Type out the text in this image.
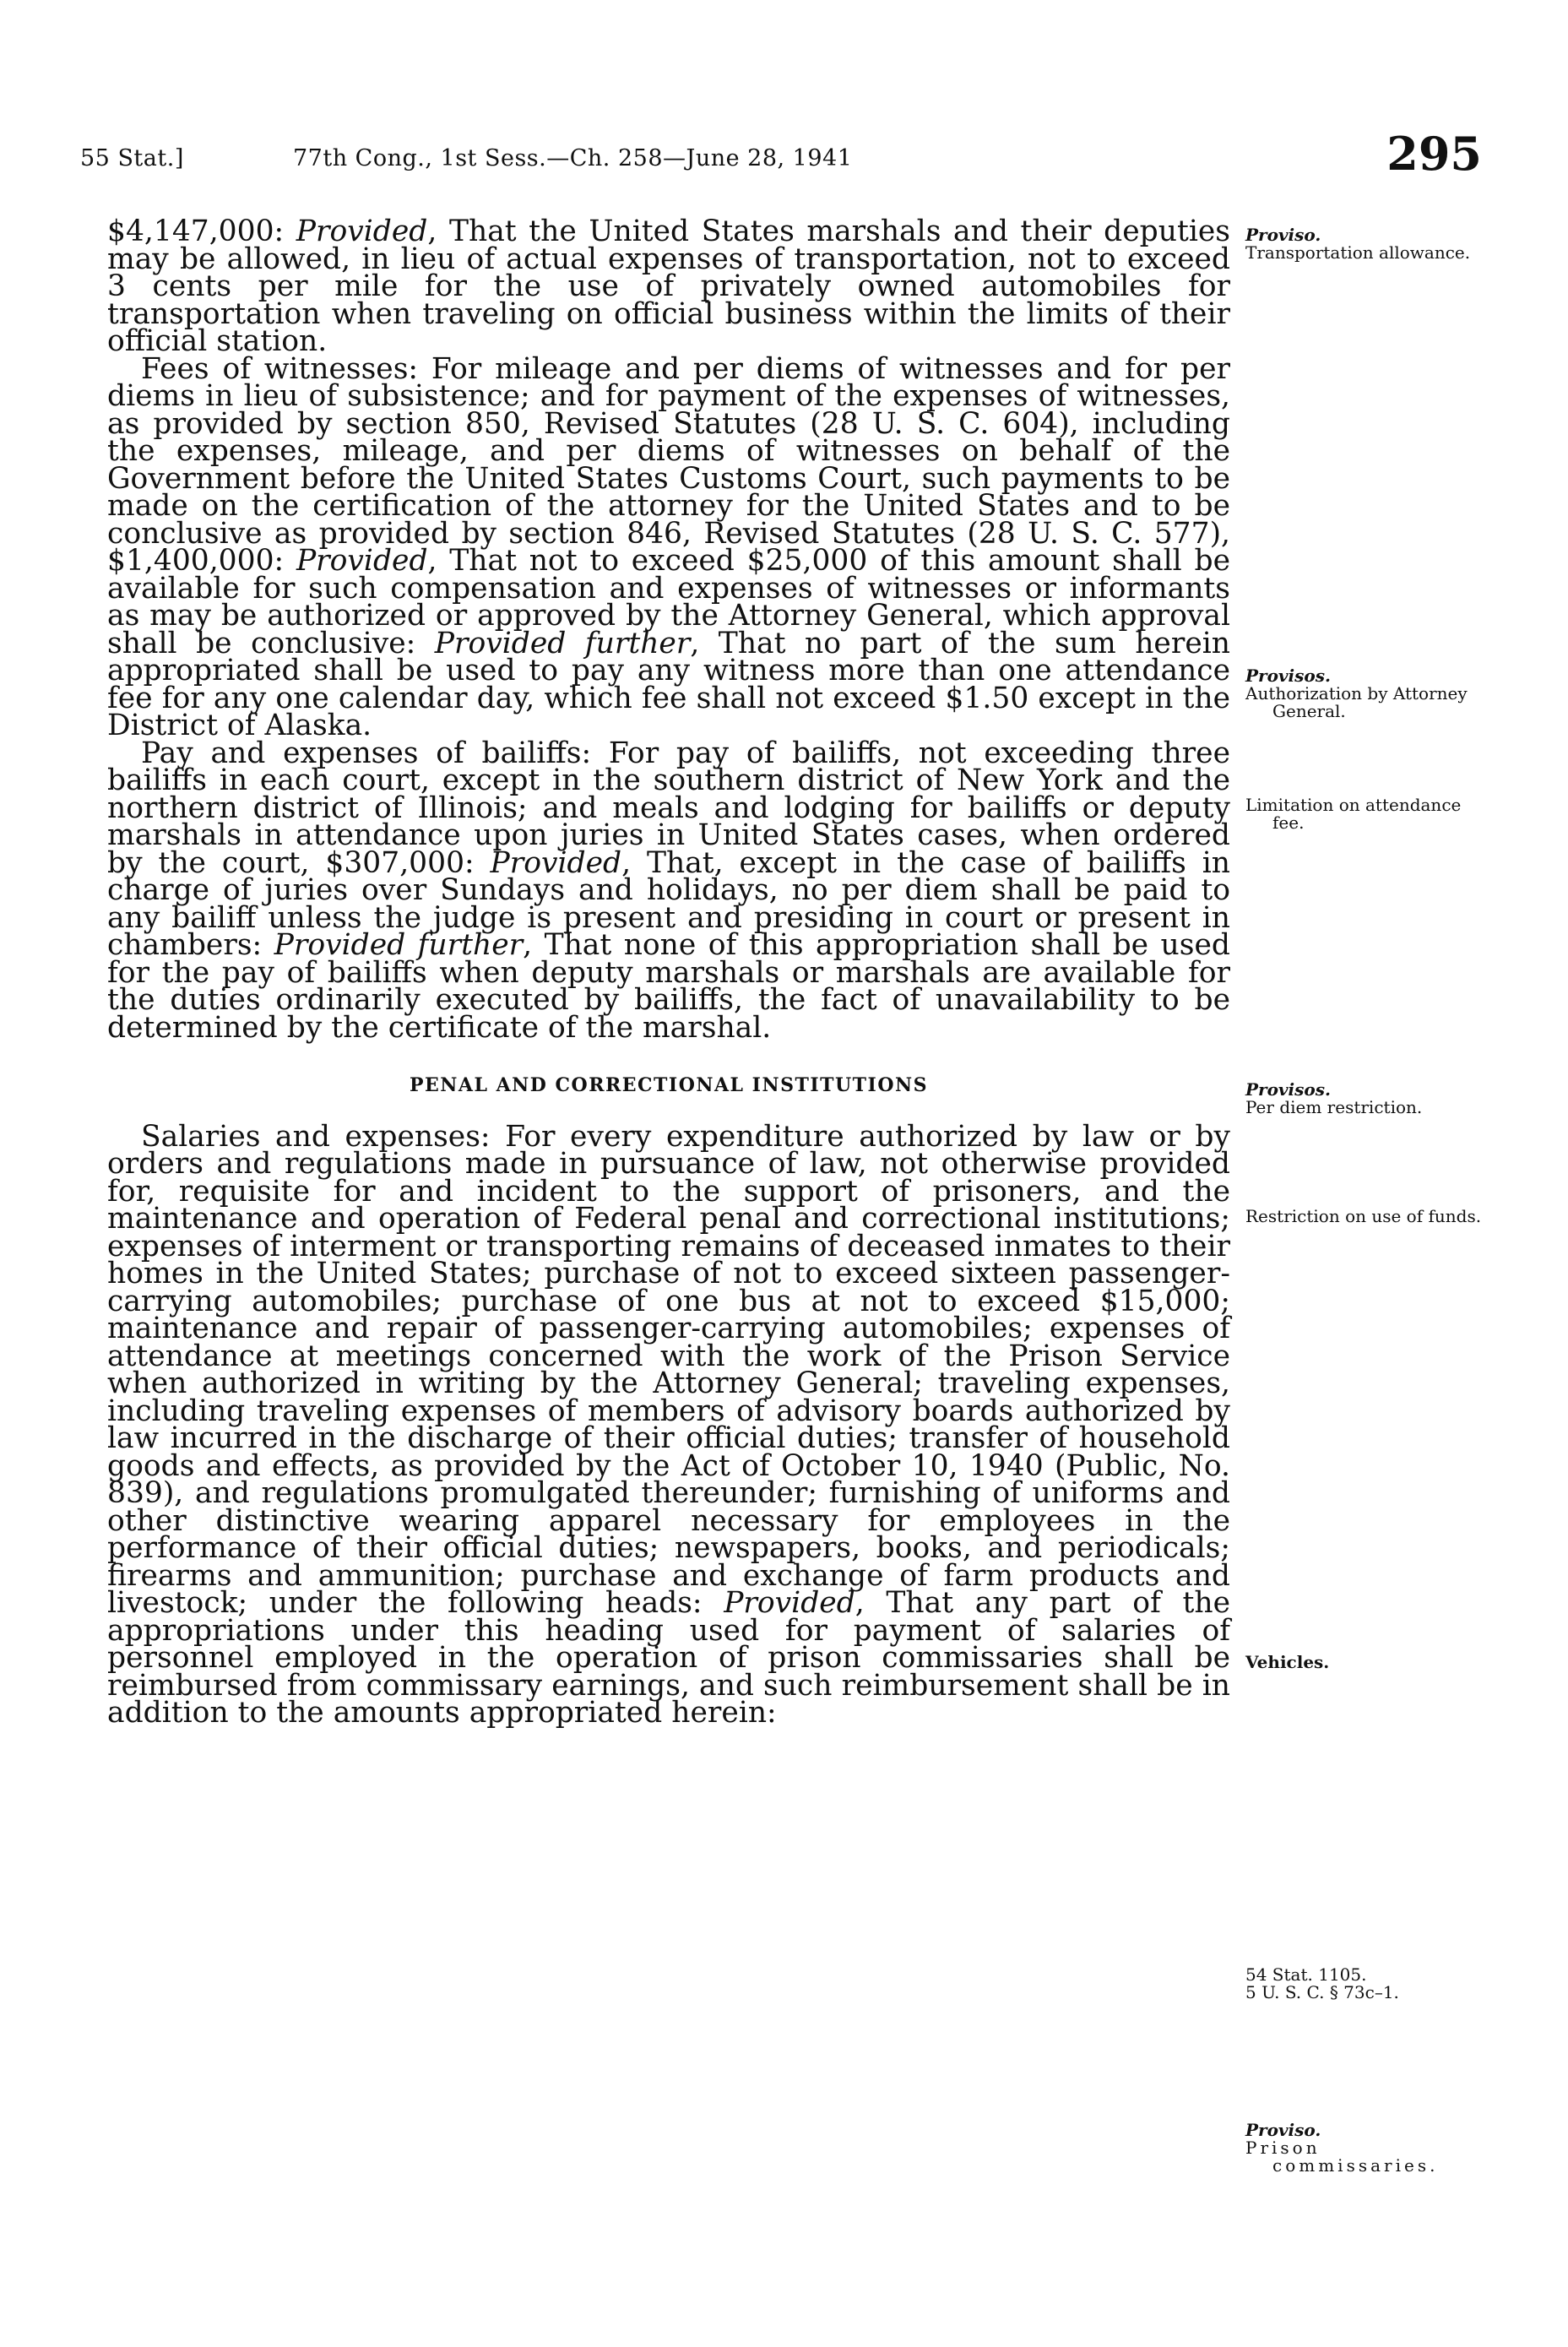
55 Stat.]	77th Cong., 1st Sess.—Ch. 258—June 28, 1941	295

$4,147,000: Provided, That the United States marshals and their deputies may be allowed, in lieu of actual expenses of transportation, not to exceed 3 cents per mile for the use of privately owned automobiles for transportation when traveling on official business within the limits of their official station.

Fees of witnesses: For mileage and per diems of witnesses and for per diems in lieu of subsistence; and for payment of the expenses of witnesses, as provided by section 850, Revised Statutes (28 U. S. C. 604), including the expenses, mileage, and per diems of witnesses on behalf of the Government before the United States Customs Court, such payments to be made on the certification of the attorney for the United States and to be conclusive as provided by section 846, Revised Statutes (28 U. S. C. 577), $1,400,000: Provided, That not to exceed $25,000 of this amount shall be available for such compensation and expenses of witnesses or informants as may be authorized or approved by the Attorney General, which approval shall be conclusive: Provided further, That no part of the sum herein appropriated shall be used to pay any witness more than one attendance fee for any one calendar day, which fee shall not exceed $1.50 except in the District of Alaska.

Pay and expenses of bailiffs: For pay of bailiffs, not exceeding three bailiffs in each court, except in the southern district of New York and the northern district of Illinois; and meals and lodging for bailiffs or deputy marshals in attendance upon juries in United States cases, when ordered by the court, $307,000: Provided, That, except in the case of bailiffs in charge of juries over Sundays and holidays, no per diem shall be paid to any bailiff unless the judge is present and presiding in court or present in chambers: Provided further, That none of this appropriation shall be used for the pay of bailiffs when deputy marshals or marshals are available for the duties ordinarily executed by bailiffs, the fact of unavailability to be determined by the certificate of the marshal.

PENAL AND CORRECTIONAL INSTITUTIONS

Salaries and expenses: For every expenditure authorized by law or by orders and regulations made in pursuance of law, not otherwise provided for, requisite for and incident to the support of prisoners, and the maintenance and operation of Federal penal and correctional institutions; expenses of interment or transporting remains of deceased inmates to their homes in the United States; purchase of not to exceed sixteen passenger-carrying automobiles; purchase of one bus at not to exceed $15,000; maintenance and repair of passenger-carrying automobiles; expenses of attendance at meetings concerned with the work of the Prison Service when authorized in writing by the Attorney General; traveling expenses, including traveling expenses of members of advisory boards authorized by law incurred in the discharge of their official duties; transfer of household goods and effects, as provided by the Act of October 10, 1940 (Public, No. 839), and regulations promulgated thereunder; furnishing of uniforms and other distinctive wearing apparel necessary for employees in the performance of their official duties; newspapers, books, and periodicals; firearms and ammunition; purchase and exchange of farm products and livestock; under the following heads: Provided, That any part of the appropriations under this heading used for payment of salaries of personnel employed in the operation of prison commissaries shall be reimbursed from commissary earnings, and such reimbursement shall be in addition to the amounts appropriated herein:

Proviso.
Transportation allowance.
Provisos.
Authorization by Attorney General.
Limitation on attendance fee.
Provisos.
Per diem restriction.
Restriction on use of funds.
Vehicles.
54 Stat. 1105.
5 U. S. C. § 73c–1.
Proviso.
Prison commissaries.
